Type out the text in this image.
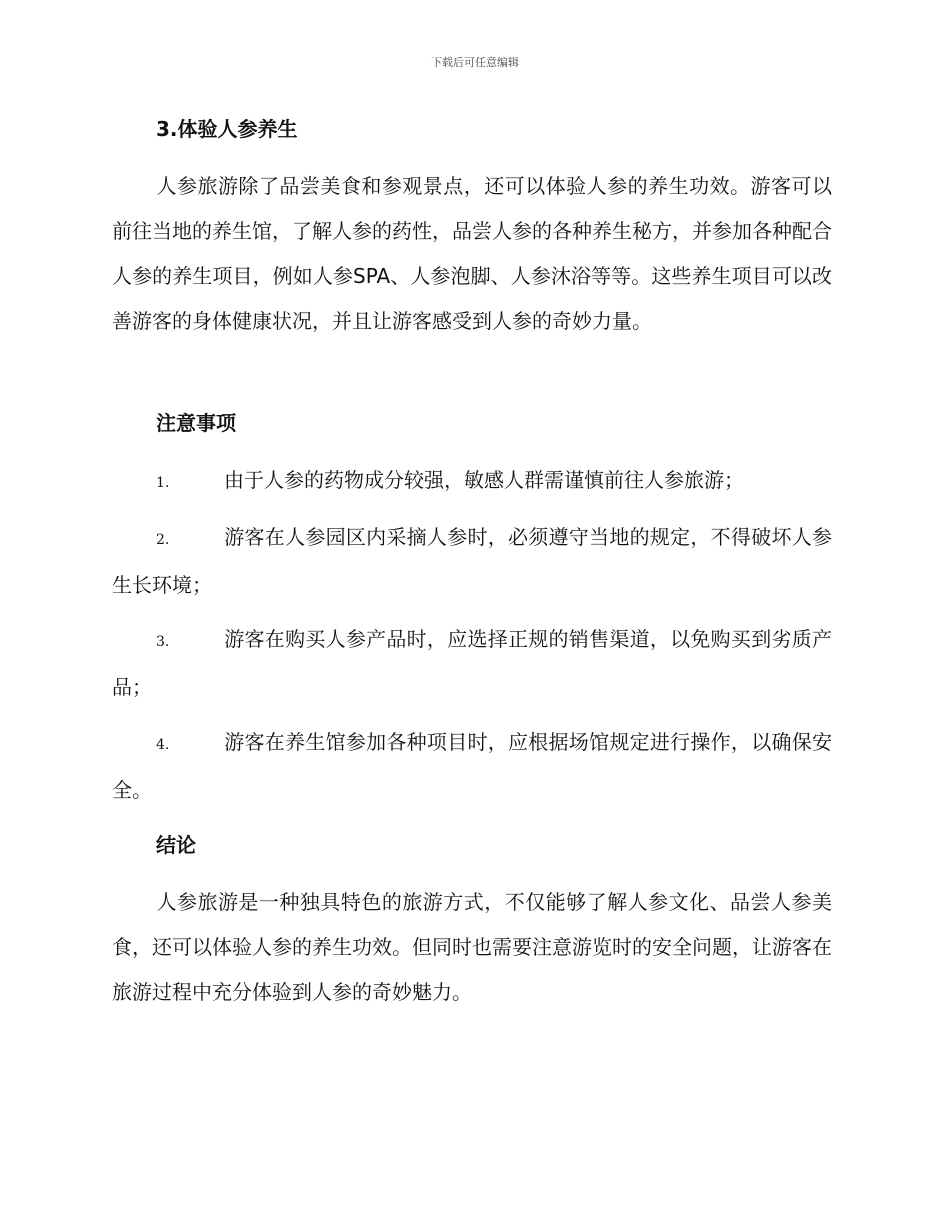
下载后可任意编辑
3.体验人参养生
人参旅游除了品尝美食和参观景点，还可以体验人参的养生功效。游客可以前往当地的养生馆，了解人参的药性，品尝人参的各种养生秘方，并参加各种配合人参的养生项目，例如人参SPA、人参泡脚、人参沐浴等等。这些养生项目可以改善游客的身体健康状况，并且让游客感受到人参的奇妙力量。
注意事项
1.	由于人参的药物成分较强，敏感人群需谨慎前往人参旅游；
2.	游客在人参园区内采摘人参时，必须遵守当地的规定，不得破坏人参生长环境；
3.	游客在购买人参产品时，应选择正规的销售渠道，以免购买到劣质产品；
4.	游客在养生馆参加各种项目时，应根据场馆规定进行操作，以确保安全。
结论
人参旅游是一种独具特色的旅游方式，不仅能够了解人参文化、品尝人参美食，还可以体验人参的养生功效。但同时也需要注意游览时的安全问题，让游客在旅游过程中充分体验到人参的奇妙魅力。
